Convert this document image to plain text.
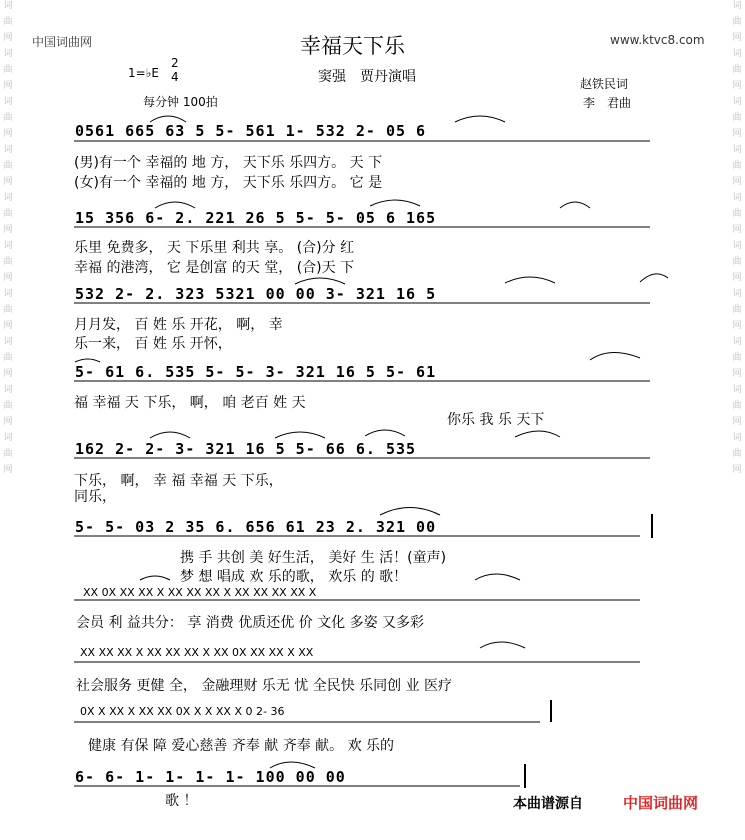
词
曲
网
词
曲
网
词
曲
网
词
曲
网
词
曲
网
词
曲
网
词
曲
网
词
曲
网
词
曲
网
词
曲
网
词
曲
网
词
曲
网
词
曲
网
词
曲
网
词
曲
网
词
曲
网
词
曲
网
词
曲
网
词
曲
网
词
曲
网
中国词曲网	www.ktvc8.com
幸福天下乐
1=♭E
2
4
每分钟 100拍
窦强　贾丹演唱	赵铁民词
李　君曲
0561 665 63 5 5- 561 1- 532 2- 05 6
(男)有一个 幸福的 地 方， 天下乐 乐四方。 天 下
(女)有一个 幸福的 地 方， 天下乐 乐四方。 它 是
15 356 6- 2. 221 26 5 5- 5- 05 6 165
乐里 免费多， 天 下乐里 利共 享。 (合)分 红
幸福 的港湾， 它 是创富 的天 堂， (合)天 下
532 2- 2. 323 5321 00 00 3- 321 16 5
月月发， 百 姓 乐 开花， 啊， 幸
乐一来， 百 姓 乐 开怀，
5- 61 6. 535 5- 5- 3- 321 16 5 5- 61
福 幸福 天 下乐， 啊， 咱 老百 姓 天
你乐 我 乐 天下
162 2- 2- 3- 321 16 5 5- 66 6. 535
下乐， 啊， 幸 福 幸福 天 下乐，
同乐，
5- 5- 03 2 35 6. 656 61 23 2. 321 00
携 手 共创 美 好生活， 美好 生 活！(童声)
梦 想 唱成 欢 乐的歌， 欢乐 的 歌！
XX 0X XX XX X XX XX XX X XX XX XX XX X
会员 利 益共分： 享 消费 优质还优 价 文化 多姿 又多彩
XX XX XX X XX XX XX X XX 0X XX XX X XX
社会服务 更健 全， 金融理财 乐无 忧 全民快 乐同创 业 医疗
0X X XX X XX XX 0X X X XX X 0 2- 36
健康 有保 障 爱心慈善 齐奉 献 齐奉 献。 欢 乐的
6- 6- 1- 1- 1- 1- 100 00 00
歌 ！	本曲谱源自	中国词曲网
